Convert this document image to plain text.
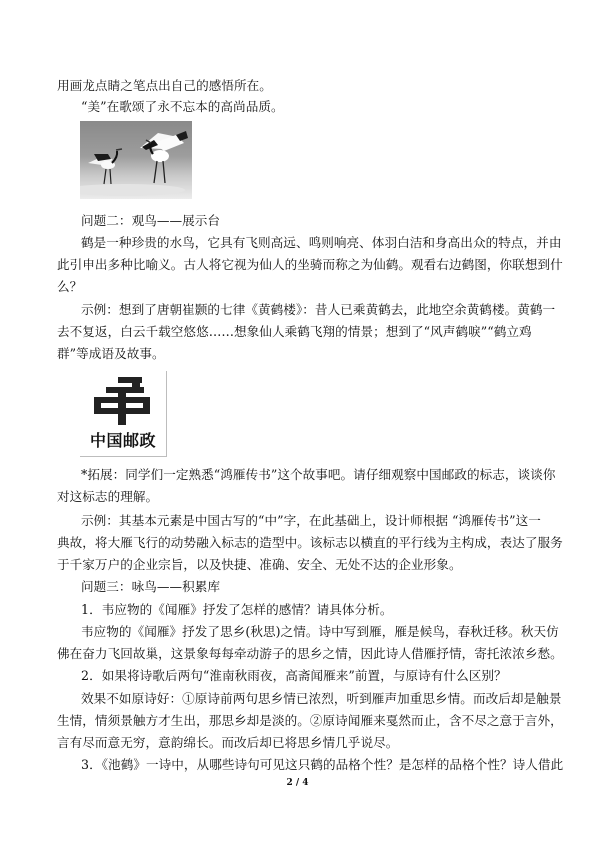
用画龙点睛之笔点出自己的感悟所在。
“美”在歌颂了永不忘本的高尚品质。
问题二：观鸟——展示台
鹤是一种珍贵的水鸟，它具有飞则高远、鸣则响亮、体羽白洁和身高出众的特点，并由
此引申出多种比喻义。古人将它视为仙人的坐骑而称之为仙鹤。观看右边鹤图，你联想到什
么？
示例：想到了唐朝崔颢的七律《黄鹤楼》：昔人已乘黄鹤去，此地空余黄鹤楼。黄鹤一
去不复返，白云千载空悠悠……想象仙人乘鹤飞翔的情景；想到了“风声鹤唳”“鹤立鸡
群”等成语及故事。
中国邮政
*拓展：同学们一定熟悉“鸿雁传书”这个故事吧。请仔细观察中国邮政的标志，谈谈你
对这标志的理解。
示例：其基本元素是中国古写的“中”字，在此基础上，设计师根据 “鸿雁传书”这一
典故，将大雁飞行的动势融入标志的造型中。该标志以横直的平行线为主构成，表达了服务
于千家万户的企业宗旨，以及快捷、准确、安全、无处不达的企业形象。
问题三：咏鸟——积累库
1．韦应物的《闻雁》抒发了怎样的感情？请具体分析。
韦应物的《闻雁》抒发了思乡(秋思)之情。诗中写到雁，雁是候鸟，春秋迁移。秋天仿
佛在奋力飞回故巢，这景象每每牵动游子的思乡之情，因此诗人借雁抒情，寄托浓浓乡愁。
2．如果将诗歌后两句“淮南秋雨夜，高斋闻雁来”前置，与原诗有什么区别？
效果不如原诗好：①原诗前两句思乡情已浓烈，听到雁声加重思乡情。而改后却是触景
生情，情须景触方才生出，那思乡却是淡的。②原诗闻雁来戛然而止，含不尽之意于言外，
言有尽而意无穷，意韵绵长。而改后却已将思乡情几乎说尽。
3．《池鹤》一诗中，从哪些诗句可见这只鹤的品格个性？是怎样的品格个性？诗人借此
2 / 4
